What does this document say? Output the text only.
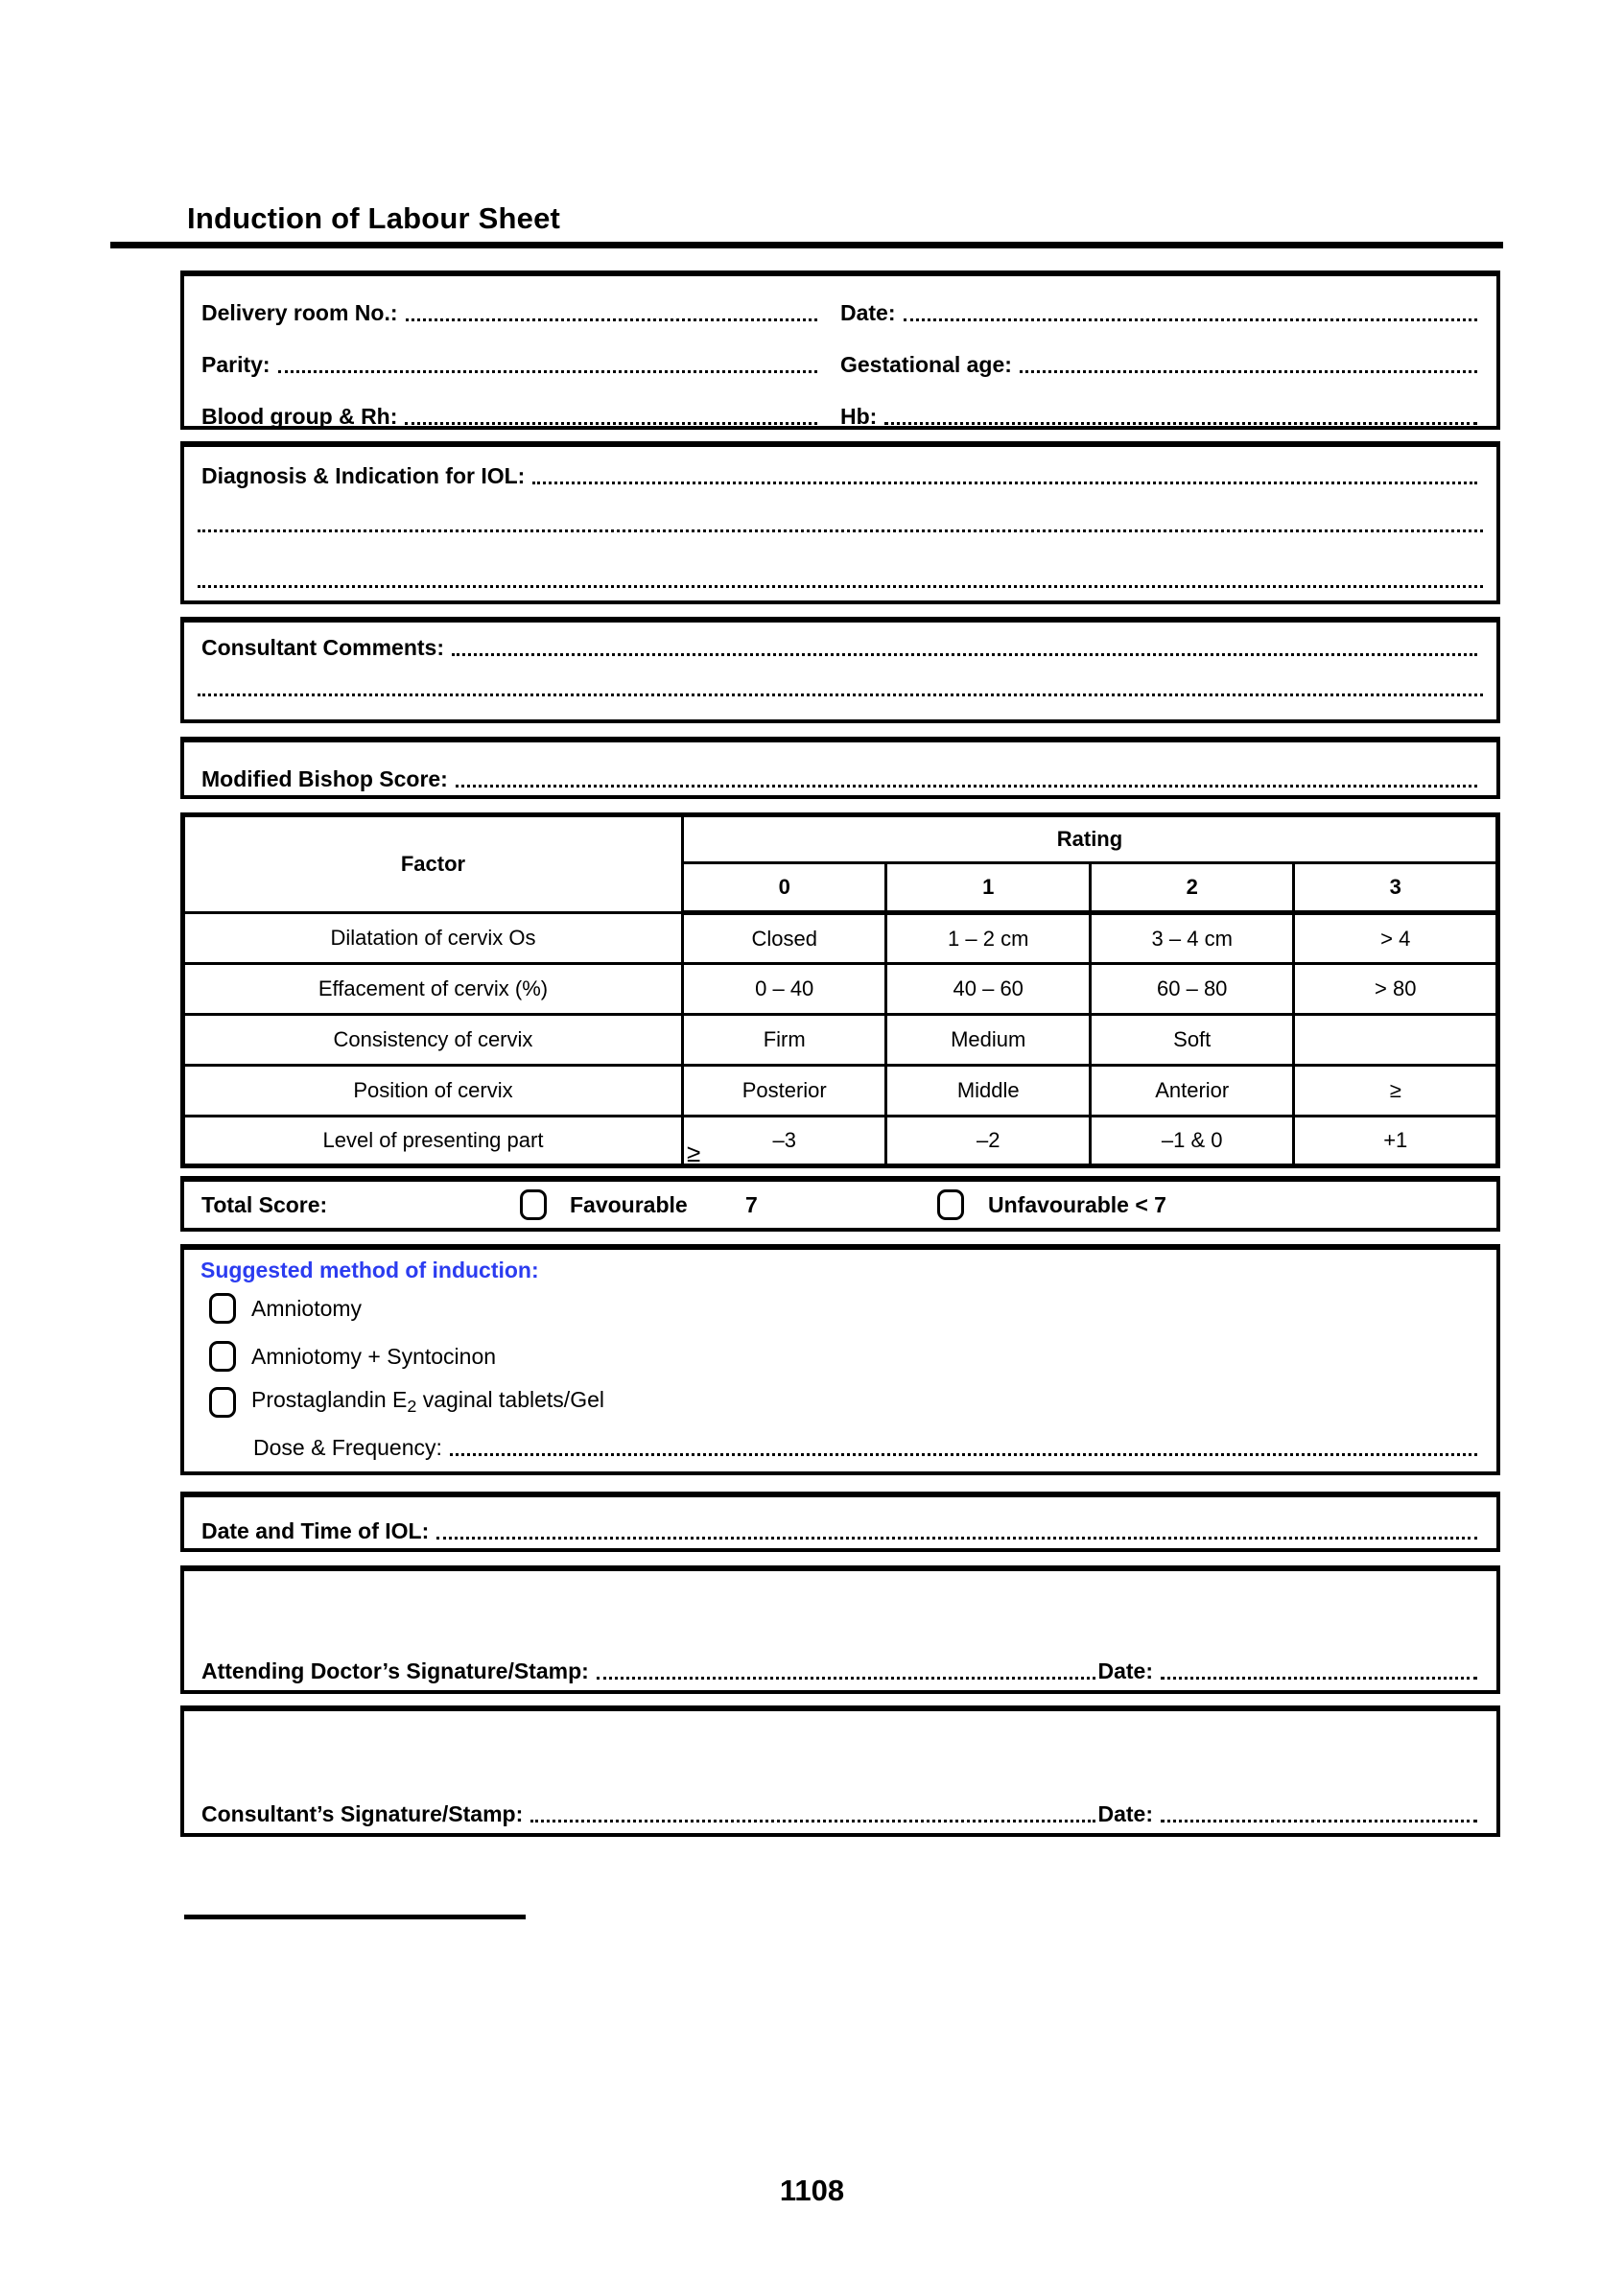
Induction of Labour Sheet
Delivery room No.:	Date:
Parity:	Gestational age:
Blood group & Rh:	Hb:
Diagnosis & Indication for IOL:
Consultant Comments:
Modified Bishop Score:
Factor	Rating			
	0	1	2	3
Dilatation of cervix Os	Closed	1 – 2 cm	3 – 4 cm	> 4
Effacement of cervix (%)	0 – 40	40 – 60	60 – 80	> 80
Consistency of cervix	Firm	Medium	Soft	
Position of cervix	Posterior	Middle	Anterior	≥
Level of presenting part	–3	–2	–1 & 0	+1
≥
Total Score:	Favourable	7	Unfavourable < 7
Suggested method of induction:
Amniotomy
Amniotomy + Syntocinon
Prostaglandin $E_2$ vaginal tablets/Gel
Dose & Frequency:
Date and Time of IOL:
Attending Doctor’s Signature/Stamp:	Date:
Consultant’s Signature/Stamp:	Date:
1108
